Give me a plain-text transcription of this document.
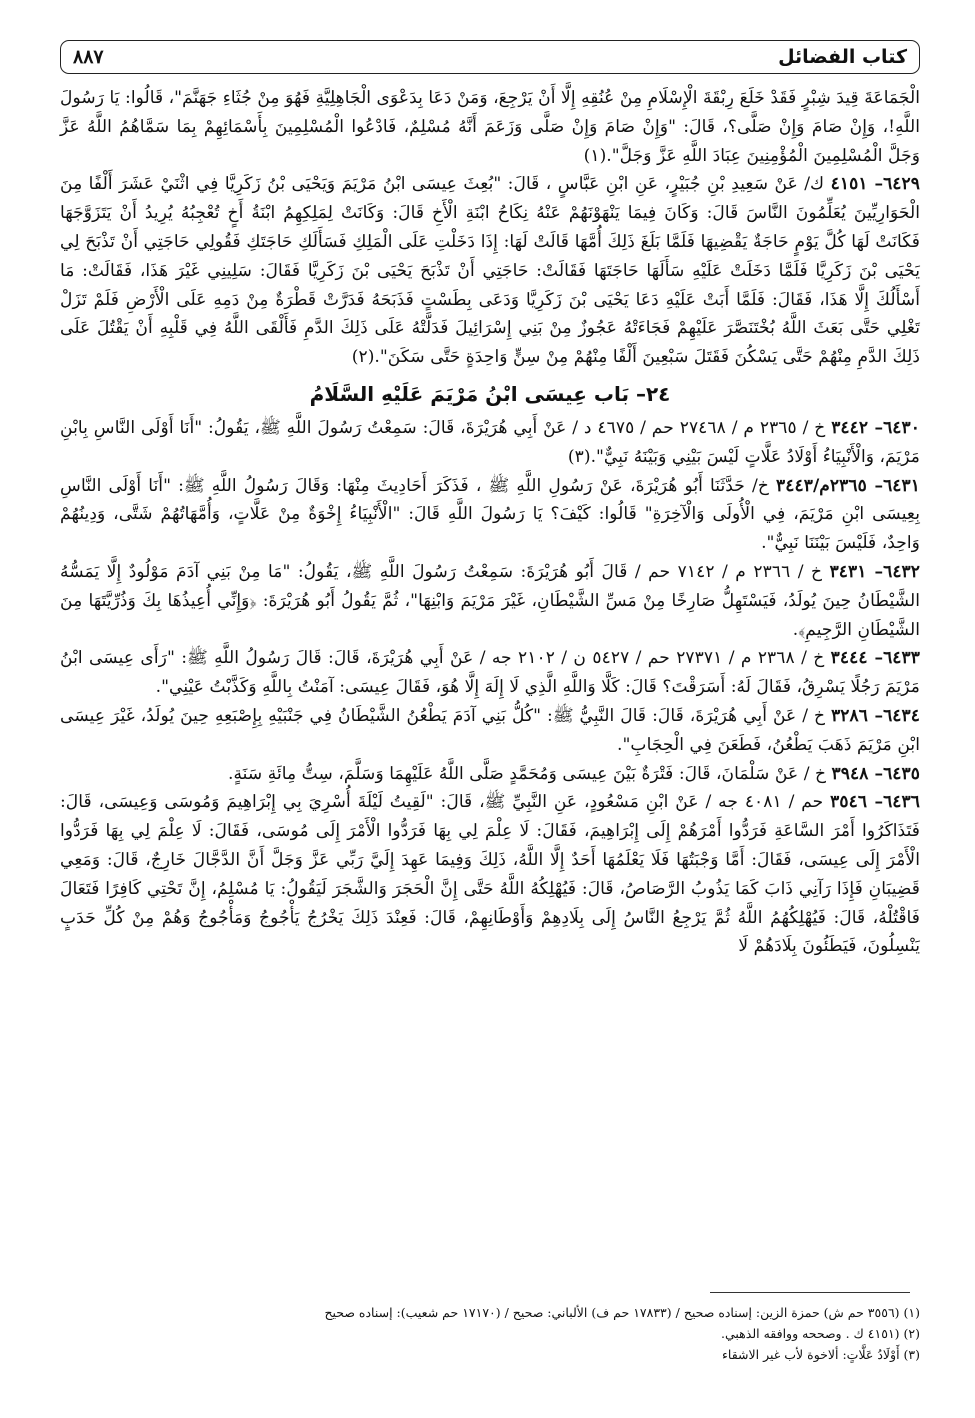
كتاب الفضائل
٨٨٧

الْجَمَاعَةَ قِيدَ شِبْرٍ فَقَدْ خَلَعَ رِبْقَةَ الْإِسْلَامِ مِنْ عُنُقِهِ إِلَّا أَنْ يَرْجِعَ، وَمَنْ دَعَا بِدَعْوَى الْجَاهِلِيَّةِ فَهُوَ مِنْ جُثَاءِ جَهَنَّمَ"، قَالُوا: يَا رَسُولَ اللَّهِ!، وَإِنْ صَامَ وَإِنْ صَلَّى؟، قَالَ: "وَإِنْ صَامَ وَإِنْ صَلَّى وَزَعَمَ أَنَّهُ مُسْلِمٌ، فَادْعُوا الْمُسْلِمِينَ بِأَسْمَائِهِمْ بِمَا سَمَّاهُمُ اللَّهُ عَزَّ وَجَلَّ الْمُسْلِمِينَ الْمُؤْمِنِينَ عِبَادَ اللَّهِ عَزَّ وَجَلَّ".(١)

٦٤٢٩– ٤١٥١ ك/ عَنْ سَعِيدِ بْنِ جُبَيْرٍ، عَنِ ابْنِ عَبَّاسٍ ، قَالَ: "بُعِثَ عِيسَى ابْنُ مَرْيَمَ وَيَحْيَى بْنُ زَكَرِيَّا فِي اثْنَيْ عَشَرَ أَلْفًا مِنَ الْحَوَارِيِّينَ يُعَلِّمُونَ النَّاسَ قَالَ: وَكَانَ فِيمَا يَنْهَوْنَهُمْ عَنْهُ نِكَاحُ ابْنَةِ الْأَخِ قَالَ: وَكَانَتْ لِمَلِكِهِمُ ابْنَةُ أَخٍ تُعْجِبُهُ يُرِيدُ أَنْ يَتَزَوَّجَهَا فَكَانَتْ لَهَا كُلَّ يَوْمٍ حَاجَةٌ يَقْضِيهَا فَلَمَّا بَلَغَ ذَلِكَ أُمَّهَا قَالَتْ لَهَا: إِذَا دَخَلْتِ عَلَى الْمَلِكِ فَسَأَلَكِ حَاجَتَكِ فَقُولِي حَاجَتِي أَنْ تَذْبَحَ لِي يَحْيَى بْنَ زَكَرِيَّا فَلَمَّا دَخَلَتْ عَلَيْهِ سَأَلَهَا حَاجَتَهَا فَقَالَتْ: حَاجَتِي أَنْ تَذْبَحَ يَحْيَى بْنَ زَكَرِيَّا فَقَالَ: سَلِينِي غَيْرَ هَذَا، فَقَالَتْ: مَا أَسْأَلُكَ إِلَّا هَذَا، فَقَالَ: فَلَمَّا أَبَتْ عَلَيْهِ دَعَا يَحْيَى بْنَ زَكَرِيَّا وَدَعَى بِطَسْتٍ فَذَبَحَهُ فَدَرَّتْ قَطْرَةٌ مِنْ دَمِهِ عَلَى الْأَرْضِ فَلَمْ تَزَلْ تَغْلِي حَتَّى بَعَثَ اللَّهُ بُخْتَنَصَّرَ عَلَيْهِمْ فَجَاءَتْهُ عَجُوزٌ مِنْ بَنِي إِسْرَائِيلَ فَدَلَّتْهُ عَلَى ذَلِكَ الدَّمِ فَأَلْقَى اللَّهُ فِي قَلْبِهِ أَنْ يَقْتُلَ عَلَى ذَلِكَ الدَّمِ مِنْهُمْ حَتَّى يَسْكُنَ فَقَتَلَ سَبْعِينَ أَلْفًا مِنْهُمْ مِنْ سِنٍّ وَاحِدَةٍ حَتَّى سَكَنَ".(٢)

٢٤– بَاب عِيسَى ابْنُ مَرْيَمَ عَلَيْهِ السَّلَامُ

٦٤٣٠– ٣٤٤٢ خ / ٢٣٦٥ م / ٢٧٤٦٨ حم / ٤٦٧٥ د / عَنْ أَبِي هُرَيْرَةَ، قَالَ: سَمِعْتُ رَسُولَ اللَّهِ ﷺ، يَقُولُ: "أَنَا أَوْلَى النَّاسِ بِابْنِ مَرْيَمَ، وَالْأَنْبِيَاءُ أَوْلَادُ عَلَّاتٍ لَيْسَ بَيْنِي وَبَيْنَهُ نَبِيٌّ".(٣)

٦٤٣١– ٢٣٦٥م/٣٤٤٣ خ/ حَدَّثَنَا أَبُو هُرَيْرَةَ، عَنْ رَسُولِ اللَّهِ ﷺ ، فَذَكَرَ أَحَادِيثَ مِنْهَا: وَقَالَ رَسُولُ اللَّهِ ﷺ: "أَنَا أَوْلَى النَّاسِ بِعِيسَى ابْنِ مَرْيَمَ، فِي الْأُولَى وَالْآخِرَةِ" قَالُوا: كَيْفَ؟ يَا رَسُولَ اللَّهِ قَالَ: "الْأَنْبِيَاءُ إِخْوَةٌ مِنْ عَلَّاتٍ، وَأُمَّهَاتُهُمْ شَتَّى، وَدِينُهُمْ وَاحِدٌ، فَلَيْسَ بَيْنَنَا نَبِيٌّ".

٦٤٣٢– ٣٤٣١ خ / ٢٣٦٦ م / ٧١٤٢ حم / قَالَ أَبُو هُرَيْرَةَ: سَمِعْتُ رَسُولَ اللَّهِ ﷺ، يَقُولُ: "مَا مِنْ بَنِي آدَمَ مَوْلُودٌ إِلَّا يَمَسُّهُ الشَّيْطَانُ حِينَ يُولَدُ، فَيَسْتَهِلُّ صَارِخًا مِنْ مَسِّ الشَّيْطَانِ، غَيْرَ مَرْيَمَ وَابْنِهَا"، ثُمَّ يَقُولُ أَبُو هُرَيْرَةَ: ﴿وَإِنِّي أُعِيذُهَا بِكَ وَذُرِّيَّتَهَا مِنَ الشَّيْطَانِ الرَّجِيمِ﴾.

٦٤٣٣– ٣٤٤٤ خ / ٢٣٦٨ م / ٢٧٣٧١ حم / ٥٤٢٧ ن / ٢١٠٢ جه / عَنْ أَبِي هُرَيْرَةَ، قَالَ: قَالَ رَسُولُ اللَّهِ ﷺ: "رَأَى عِيسَى ابْنُ مَرْيَمَ رَجُلًا يَسْرِقُ، فَقَالَ لَهُ: أَسَرَقْتَ؟ قَالَ: كَلَّا وَاللَّهِ الَّذِي لَا إِلَهَ إِلَّا هُوَ، فَقَالَ عِيسَى: آمَنْتُ بِاللَّهِ وَكَذَّبْتُ عَيْنِي".

٦٤٣٤– ٣٢٨٦ خ / عَنْ أَبِي هُرَيْرَةَ، قَالَ: قَالَ النَّبِيُّ ﷺ: "كُلُّ بَنِي آدَمَ يَطْعُنُ الشَّيْطَانُ فِي جَنْبَيْهِ بِإِصْبَعِهِ حِينَ يُولَدُ، غَيْرَ عِيسَى ابْنِ مَرْيَمَ ذَهَبَ يَطْعُنُ، فَطَعَنَ فِي الْحِجَابِ".

٦٤٣٥– ٣٩٤٨ خ / عَنْ سَلْمَانَ، قَالَ: فَتْرَةٌ بَيْنَ عِيسَى وَمُحَمَّدٍ صَلَّى اللَّهُ عَلَيْهِمَا وَسَلَّمَ، سِتُّ مِائَةِ سَنَةٍ.

٦٤٣٦– ٣٥٤٦ حم / ٤٠٨١ جه / عَنْ ابْنِ مَسْعُودٍ، عَنِ النَّبِيِّ ﷺ، قَالَ: "لَقِيتُ لَيْلَةَ أُسْرِيَ بِي إِبْرَاهِيمَ وَمُوسَى وَعِيسَى، قَالَ: فَتَذَاكَرُوا أَمْرَ السَّاعَةِ فَرَدُّوا أَمْرَهُمْ إِلَى إِبْرَاهِيمَ، فَقَالَ: لَا عِلْمَ لِي بِهَا فَرَدُّوا الْأَمْرَ إِلَى مُوسَى، فَقَالَ: لَا عِلْمَ لِي بِهَا فَرَدُّوا الْأَمْرَ إِلَى عِيسَى، فَقَالَ: أَمَّا وَجْبَتُهَا فَلَا يَعْلَمُهَا أَحَدٌ إِلَّا اللَّهُ، ذَلِكَ وَفِيمَا عَهِدَ إِلَيَّ رَبِّي عَزَّ وَجَلَّ أَنَّ الدَّجَّالَ خَارِجٌ، قَالَ: وَمَعِي قَضِيبَانِ فَإِذَا رَآنِي ذَابَ كَمَا يَذُوبُ الرَّصَاصُ، قَالَ: فَيُهْلِكُهُ اللَّهُ حَتَّى إِنَّ الْحَجَرَ وَالشَّجَرَ لَيَقُولُ: يَا مُسْلِمُ، إِنَّ تَحْتِي كَافِرًا فَتَعَالَ فَاقْتُلْهُ، قَالَ: فَيُهْلِكُهُمُ اللَّهُ ثُمَّ يَرْجِعُ النَّاسُ إِلَى بِلَادِهِمْ وَأَوْطَانِهِمْ، قَالَ: فَعِنْدَ ذَلِكَ يَخْرُجُ يَأْجُوجُ وَمَأْجُوجُ وَهُمْ مِنْ كُلِّ حَدَبٍ يَنْسِلُونَ، فَيَطَئُونَ بِلَادَهُمْ لَا

(١) (٣٥٥٦ حم ش) حمزة الزين: إسناده صحيح / (١٧٨٣٣ حم ف) الألباني: صحيح / (١٧١٧٠ حم شعيب): إسناده صحيح

(٢) (٤١٥١ ك . وصححه ووافقه الذهبي.

(٣) أَوْلَادُ عَلَّاتٍ: ألاخوة لأب غير الاشقاء
